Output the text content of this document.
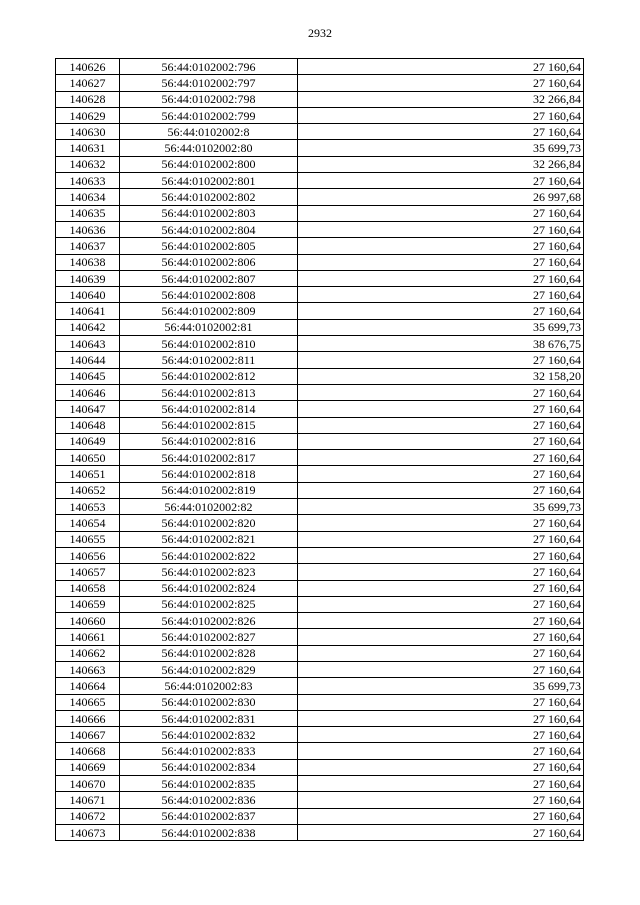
2932
140626	56:44:0102002:796	27 160,64
140627	56:44:0102002:797	27 160,64
140628	56:44:0102002:798	32 266,84
140629	56:44:0102002:799	27 160,64
140630	56:44:0102002:8	27 160,64
140631	56:44:0102002:80	35 699,73
140632	56:44:0102002:800	32 266,84
140633	56:44:0102002:801	27 160,64
140634	56:44:0102002:802	26 997,68
140635	56:44:0102002:803	27 160,64
140636	56:44:0102002:804	27 160,64
140637	56:44:0102002:805	27 160,64
140638	56:44:0102002:806	27 160,64
140639	56:44:0102002:807	27 160,64
140640	56:44:0102002:808	27 160,64
140641	56:44:0102002:809	27 160,64
140642	56:44:0102002:81	35 699,73
140643	56:44:0102002:810	38 676,75
140644	56:44:0102002:811	27 160,64
140645	56:44:0102002:812	32 158,20
140646	56:44:0102002:813	27 160,64
140647	56:44:0102002:814	27 160,64
140648	56:44:0102002:815	27 160,64
140649	56:44:0102002:816	27 160,64
140650	56:44:0102002:817	27 160,64
140651	56:44:0102002:818	27 160,64
140652	56:44:0102002:819	27 160,64
140653	56:44:0102002:82	35 699,73
140654	56:44:0102002:820	27 160,64
140655	56:44:0102002:821	27 160,64
140656	56:44:0102002:822	27 160,64
140657	56:44:0102002:823	27 160,64
140658	56:44:0102002:824	27 160,64
140659	56:44:0102002:825	27 160,64
140660	56:44:0102002:826	27 160,64
140661	56:44:0102002:827	27 160,64
140662	56:44:0102002:828	27 160,64
140663	56:44:0102002:829	27 160,64
140664	56:44:0102002:83	35 699,73
140665	56:44:0102002:830	27 160,64
140666	56:44:0102002:831	27 160,64
140667	56:44:0102002:832	27 160,64
140668	56:44:0102002:833	27 160,64
140669	56:44:0102002:834	27 160,64
140670	56:44:0102002:835	27 160,64
140671	56:44:0102002:836	27 160,64
140672	56:44:0102002:837	27 160,64
140673	56:44:0102002:838	27 160,64
